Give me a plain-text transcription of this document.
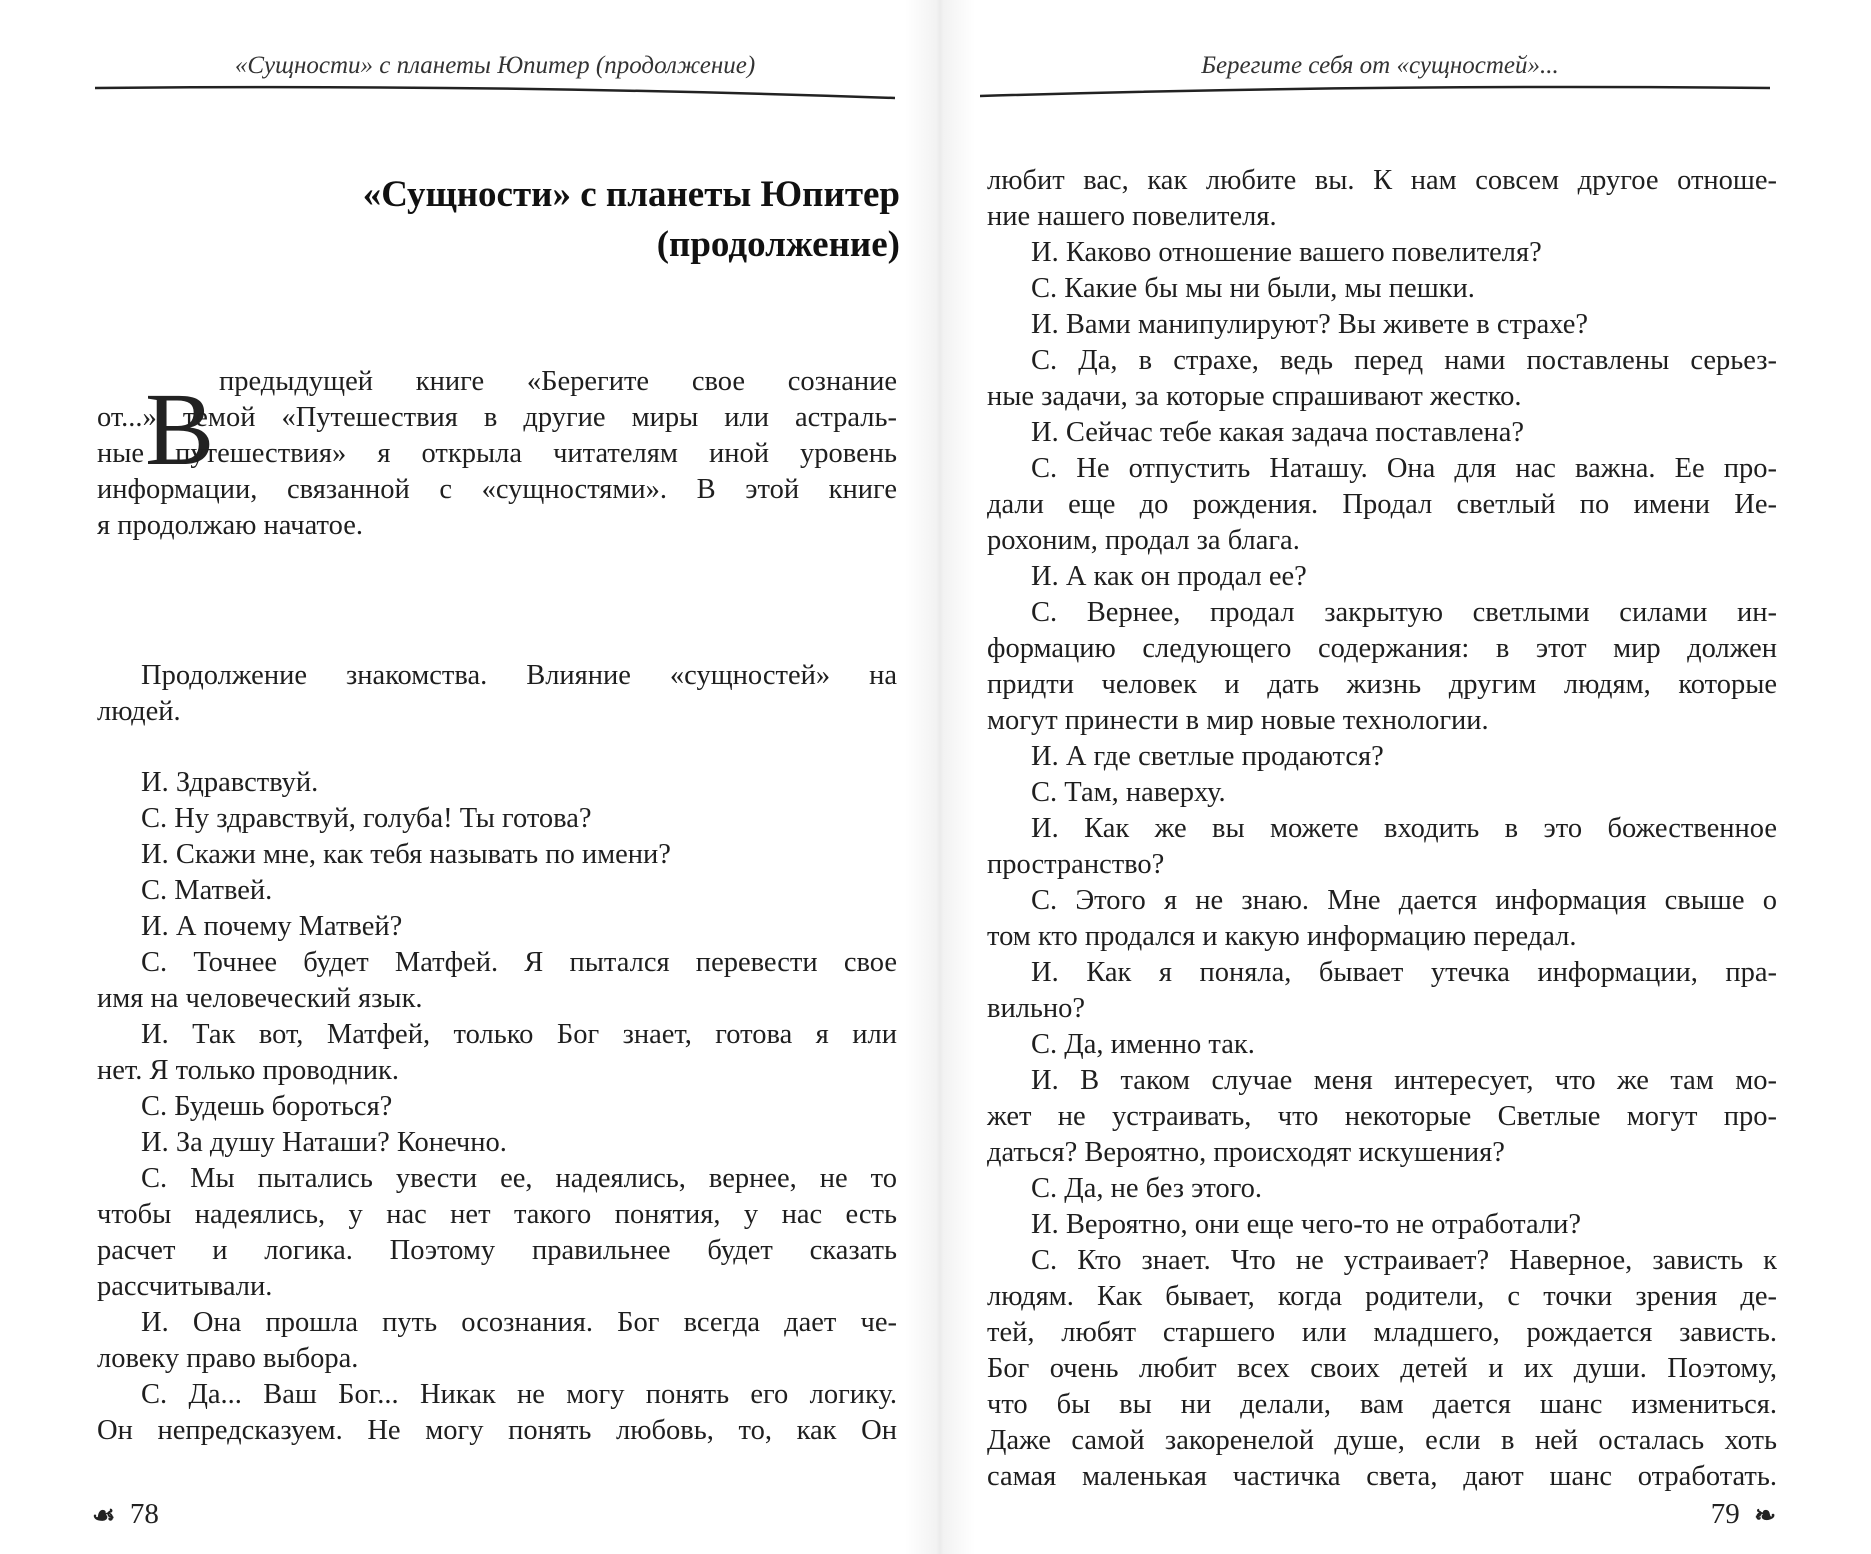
«Сущности» с планеты Юпитер (продолжение)
«Сущности» с планеты Юпитер
(продолжение)
В предыдущей книге «Берегите свое сознание
от...» темой «Путешествия в другие миры или астраль-
ные путешествия» я открыла читателям иной уровень
информации, связанной с «сущностями». В этой книге
я продолжаю начатое.
Продолжение знакомства. Влияние «сущностей» на
людей.
И. Здравствуй.
С. Ну здравствуй, голуба! Ты готова?
И. Скажи мне, как тебя называть по имени?
С. Матвей.
И. А почему Матвей?
С. Точнее будет Матфей. Я пытался перевести свое
имя на человеческий язык.
И. Так вот, Матфей, только Бог знает, готова я или
нет. Я только проводник.
С. Будешь бороться?
И. За душу Наташи? Конечно.
С. Мы пытались увести ее, надеялись, вернее, не то
чтобы надеялись, у нас нет такого понятия, у нас есть
расчет и логика. Поэтому правильнее будет сказать
рассчитывали.
И. Она прошла путь осознания. Бог всегда дает че-
ловеку право выбора.
С. Да... Ваш Бог... Никак не могу понять его логику.
Он непредсказуем. Не могу понять любовь, то, как Он
☙ 78
Берегите себя от «сущностей»...
любит вас, как любите вы. К нам совсем другое отноше-
ние нашего повелителя.
И. Каково отношение вашего повелителя?
С. Какие бы мы ни были, мы пешки.
И. Вами манипулируют? Вы живете в страхе?
С. Да, в страхе, ведь перед нами поставлены серьез-
ные задачи, за которые спрашивают жестко.
И. Сейчас тебе какая задача поставлена?
С. Не отпустить Наташу. Она для нас важна. Ее про-
дали еще до рождения. Продал светлый по имени Ие-
рохоним, продал за блага.
И. А как он продал ее?
С. Вернее, продал закрытую светлыми силами ин-
формацию следующего содержания: в этот мир должен
придти человек и дать жизнь другим людям, которые
могут принести в мир новые технологии.
И. А где светлые продаются?
С. Там, наверху.
И. Как же вы можете входить в это божественное
пространство?
С. Этого я не знаю. Мне дается информация свыше о
том кто продался и какую информацию передал.
И. Как я поняла, бывает утечка информации, пра-
вильно?
С. Да, именно так.
И. В таком случае меня интересует, что же там мо-
жет не устраивать, что некоторые Светлые могут про-
даться? Вероятно, происходят искушения?
С. Да, не без этого.
И. Вероятно, они еще чего-то не отработали?
С. Кто знает. Что не устраивает? Наверное, зависть к
людям. Как бывает, когда родители, с точки зрения де-
тей, любят старшего или младшего, рождается зависть.
Бог очень любит всех своих детей и их души. Поэтому,
что бы вы ни делали, вам дается шанс измениться.
Даже самой закоренелой душе, если в ней осталась хоть
самая маленькая частичка света, дают шанс отработать.
79 ❧
